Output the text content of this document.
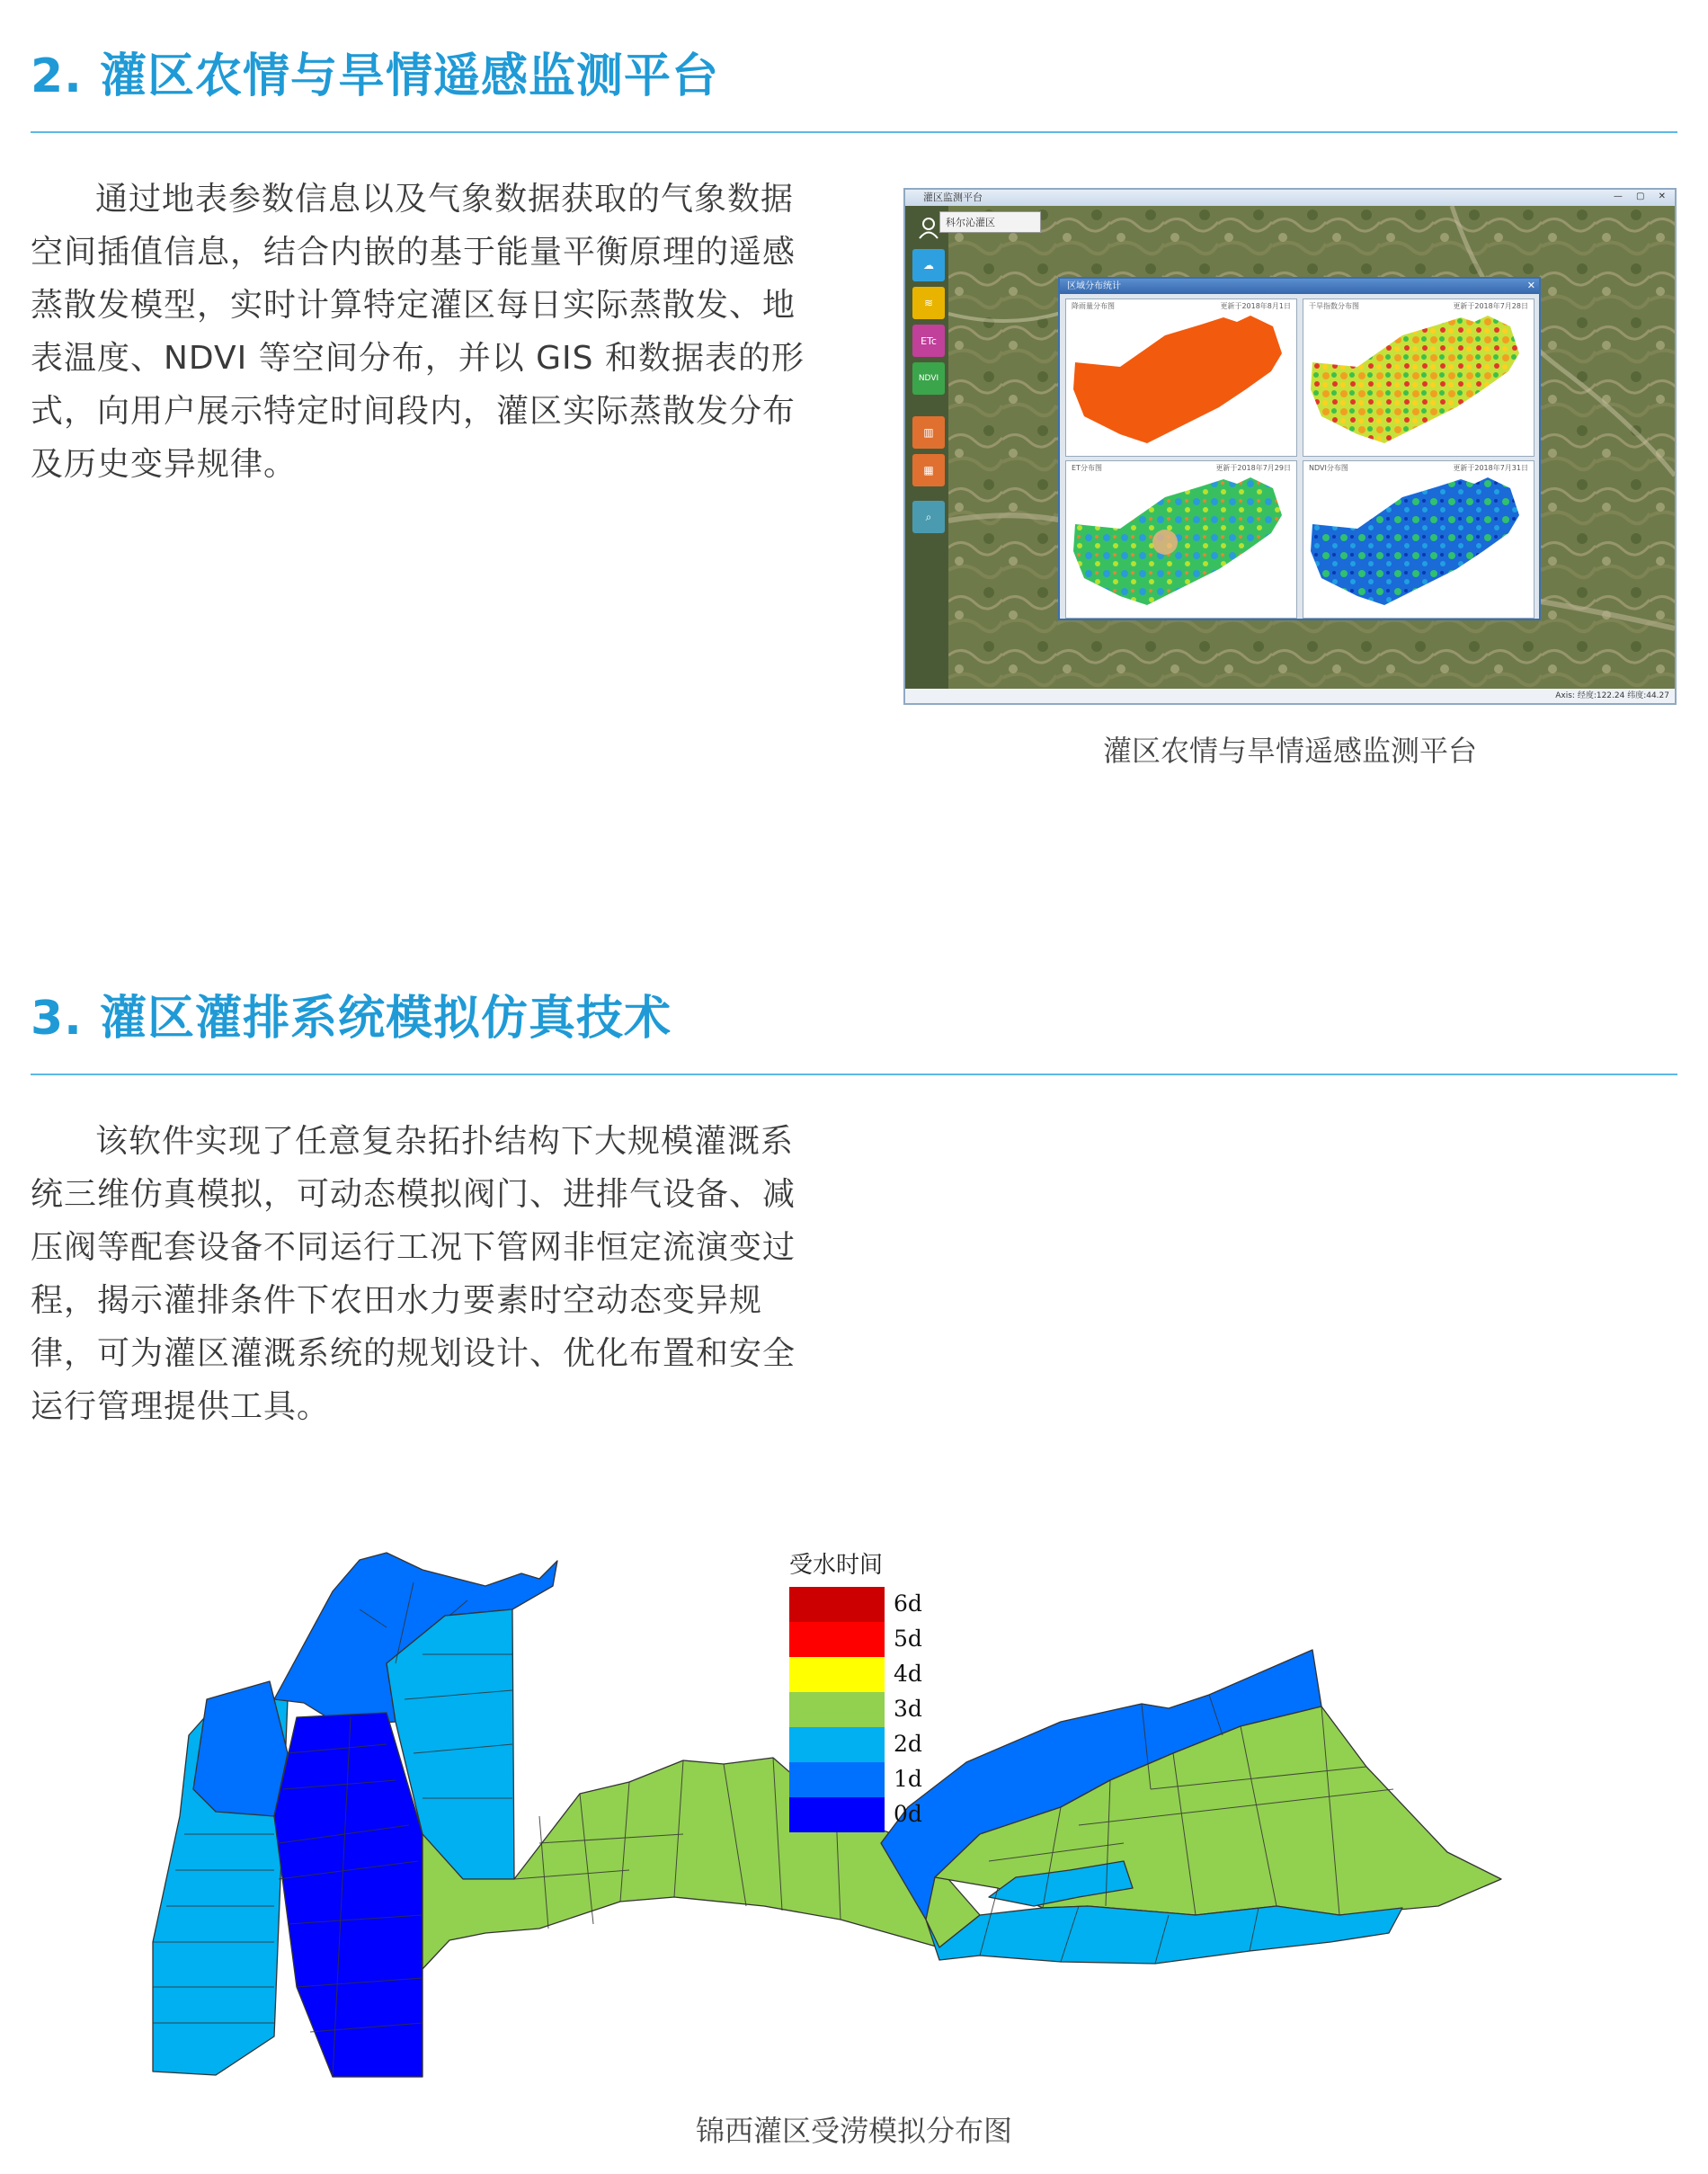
2. 灌区农情与旱情遥感监测平台
通过地表参数信息以及气象数据获取的气象数据空间插值信息，结合内嵌的基于能量平衡原理的遥感蒸散发模型，实时计算特定灌区每日实际蒸散发、地表温度、NDVI 等空间分布，并以 GIS 和数据表的形式，向用户展示特定时间段内，灌区实际蒸散发分布及历史变异规律。
灌区监测平台	— ▢ ✕
☁
≋
ETc
NDVI
▥
▦
⌕
科尔沁灌区
区域分布统计	✕
降雨量分布图	更新于2018年8月1日	干旱指数分布图	更新于2018年7月28日
ET分布图	更新于2018年7月29日	NDVI分布图	更新于2018年7月31日
Axis: 经度:122.24 纬度:44.27
灌区农情与旱情遥感监测平台
3. 灌区灌排系统模拟仿真技术
该软件实现了任意复杂拓扑结构下大规模灌溉系统三维仿真模拟，可动态模拟阀门、进排气设备、减压阀等配套设备不同运行工况下管网非恒定流演变过程，揭示灌排条件下农田水力要素时空动态变异规律，可为灌区灌溉系统的规划设计、优化布置和安全运行管理提供工具。
受水时间
6d
5d
4d
3d
2d
1d
0d
锦西灌区受涝模拟分布图
